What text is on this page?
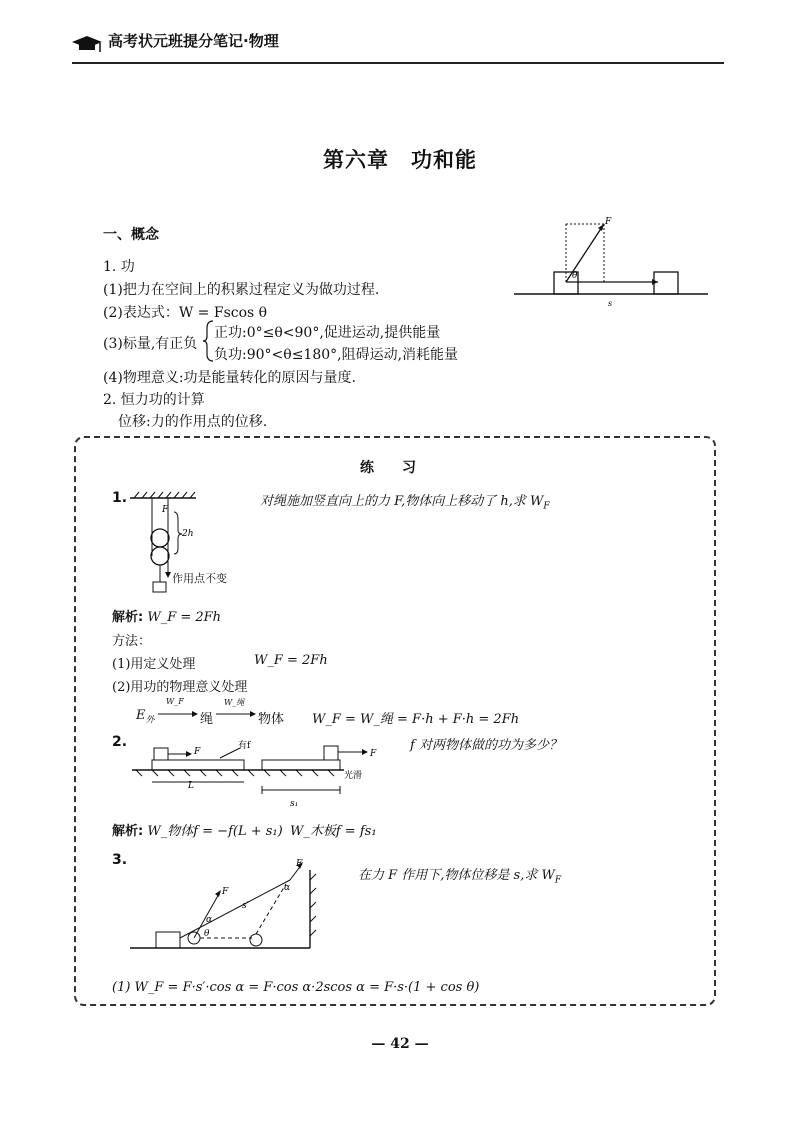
高考状元班提分笔记·物理
第六章　功和能
一、概念
1. 功
(1)把力在空间上的积累过程定义为做功过程.
(2)表达式：W = Fscos θ
(3)标量,有正负
正功:0°≤θ<90°,促进运动,提供能量
负功:90°<θ≤180°,阻碍运动,消耗能量
(4)物理意义:功是能量转化的原因与量度.
2. 恒力功的计算
位移:力的作用点的位移.
F
θ
s
练　　习
1.	对绳施加竖直向上的力 F,物体向上移动了 h,求 $W_F$
F
2h
作用点不变
解析: W_F = 2Fh
方法：
(1)用定义处理	W_F = 2Fh
(2)用功的物理意义处理
$E_外$
W_F
绳
W_绳
物体 W_F = W_绳 = F·h + F·h = 2Fh
2.	f 对两物体做的功为多少？
F
有f
F
光滑
L
s₁
解析: W_物体f = −f(L + s₁) W_木板f = fs₁
3.
在力 F 作用下,物体位移是 s,求 $W_F$
F
F
α
α
θ
s′
(1) W_F = F·s′·cos α = F·cos α·2scos α = F·s·(1 + cos θ)
— 42 —
